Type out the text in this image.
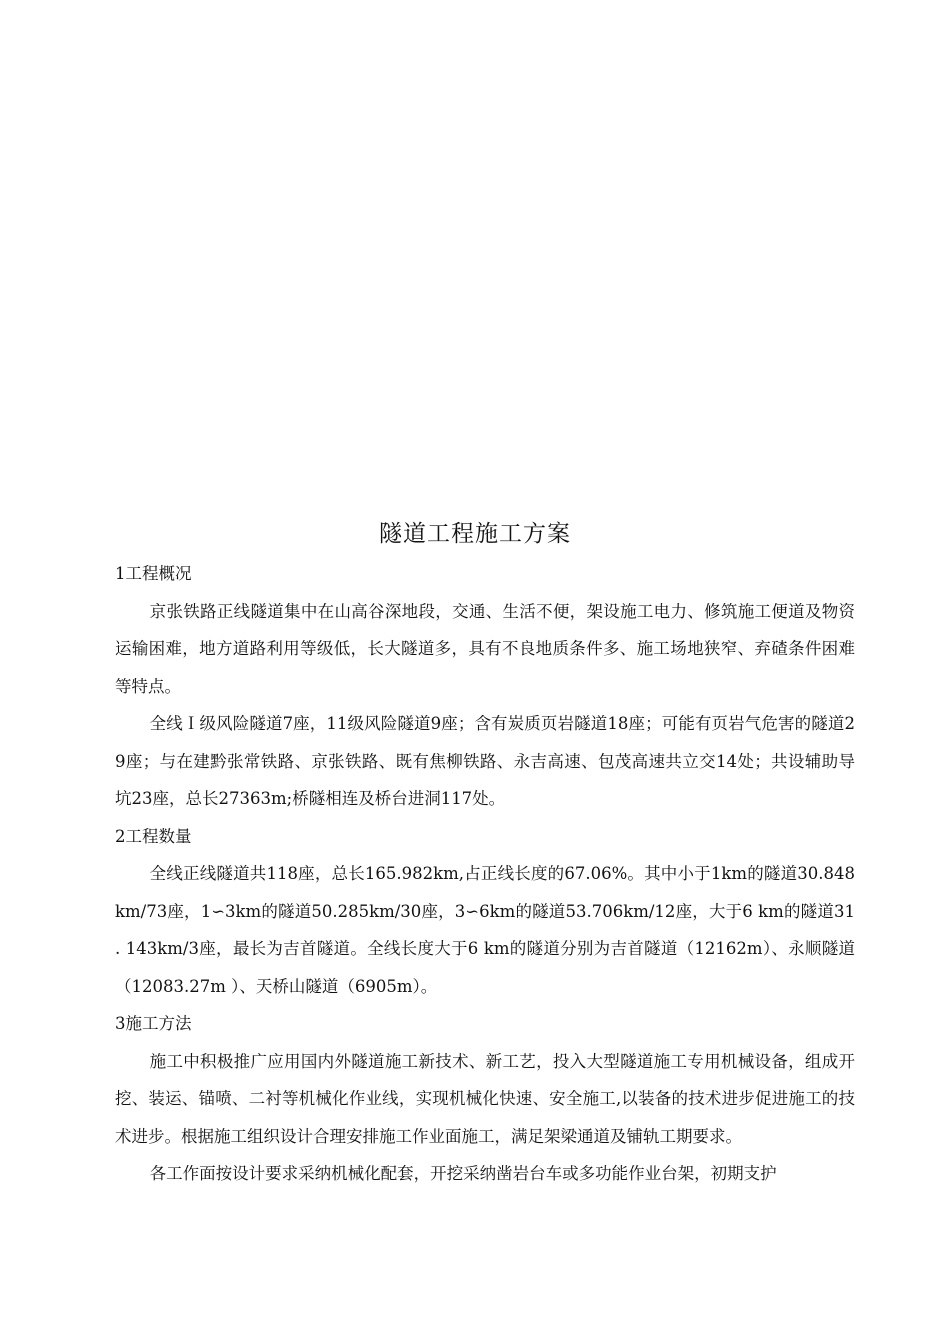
隧道工程施工方案

1工程概况

京张铁路正线隧道集中在山高谷深地段，交通、生活不便，架设施工电力、修筑施工便道及物资运输困难，地方道路利用等级低，长大隧道多，具有不良地质条件多、施工场地狭窄、弃碴条件困难等特点。

全线Ｉ级风险隧道7座，11级风险隧道9座；含有炭质页岩隧道18座；可能有页岩气危害的隧道29座；与在建黔张常铁路、京张铁路、既有焦柳铁路、永吉高速、包茂高速共立交14处；共设辅助导坑23座，总长27363m;桥隧相连及桥台进洞117处。

2工程数量

全线正线隧道共118座，总长165.982km,占正线长度的67.06%。其中小于1km的隧道30.848km/73座，1∽3km的隧道50.285km/30座，3∽6km的隧道53.706km/12座，大于6 km的隧道31. 143km/3座，最长为吉首隧道。全线长度大于6 km的隧道分别为吉首隧道（12162m）、永顺隧道（12083.27m ）、天桥山隧道（6905m）。

3施工方法

施工中积极推广应用国内外隧道施工新技术、新工艺，投入大型隧道施工专用机械设备，组成开挖、装运、锚喷、二衬等机械化作业线，实现机械化快速、安全施工,以装备的技术进步促进施工的技术进步。根据施工组织设计合理安排施工作业面施工，满足架梁通道及铺轨工期要求。

各工作面按设计要求采纳机械化配套，开挖采纳凿岩台车或多功能作业台架，初期支护
